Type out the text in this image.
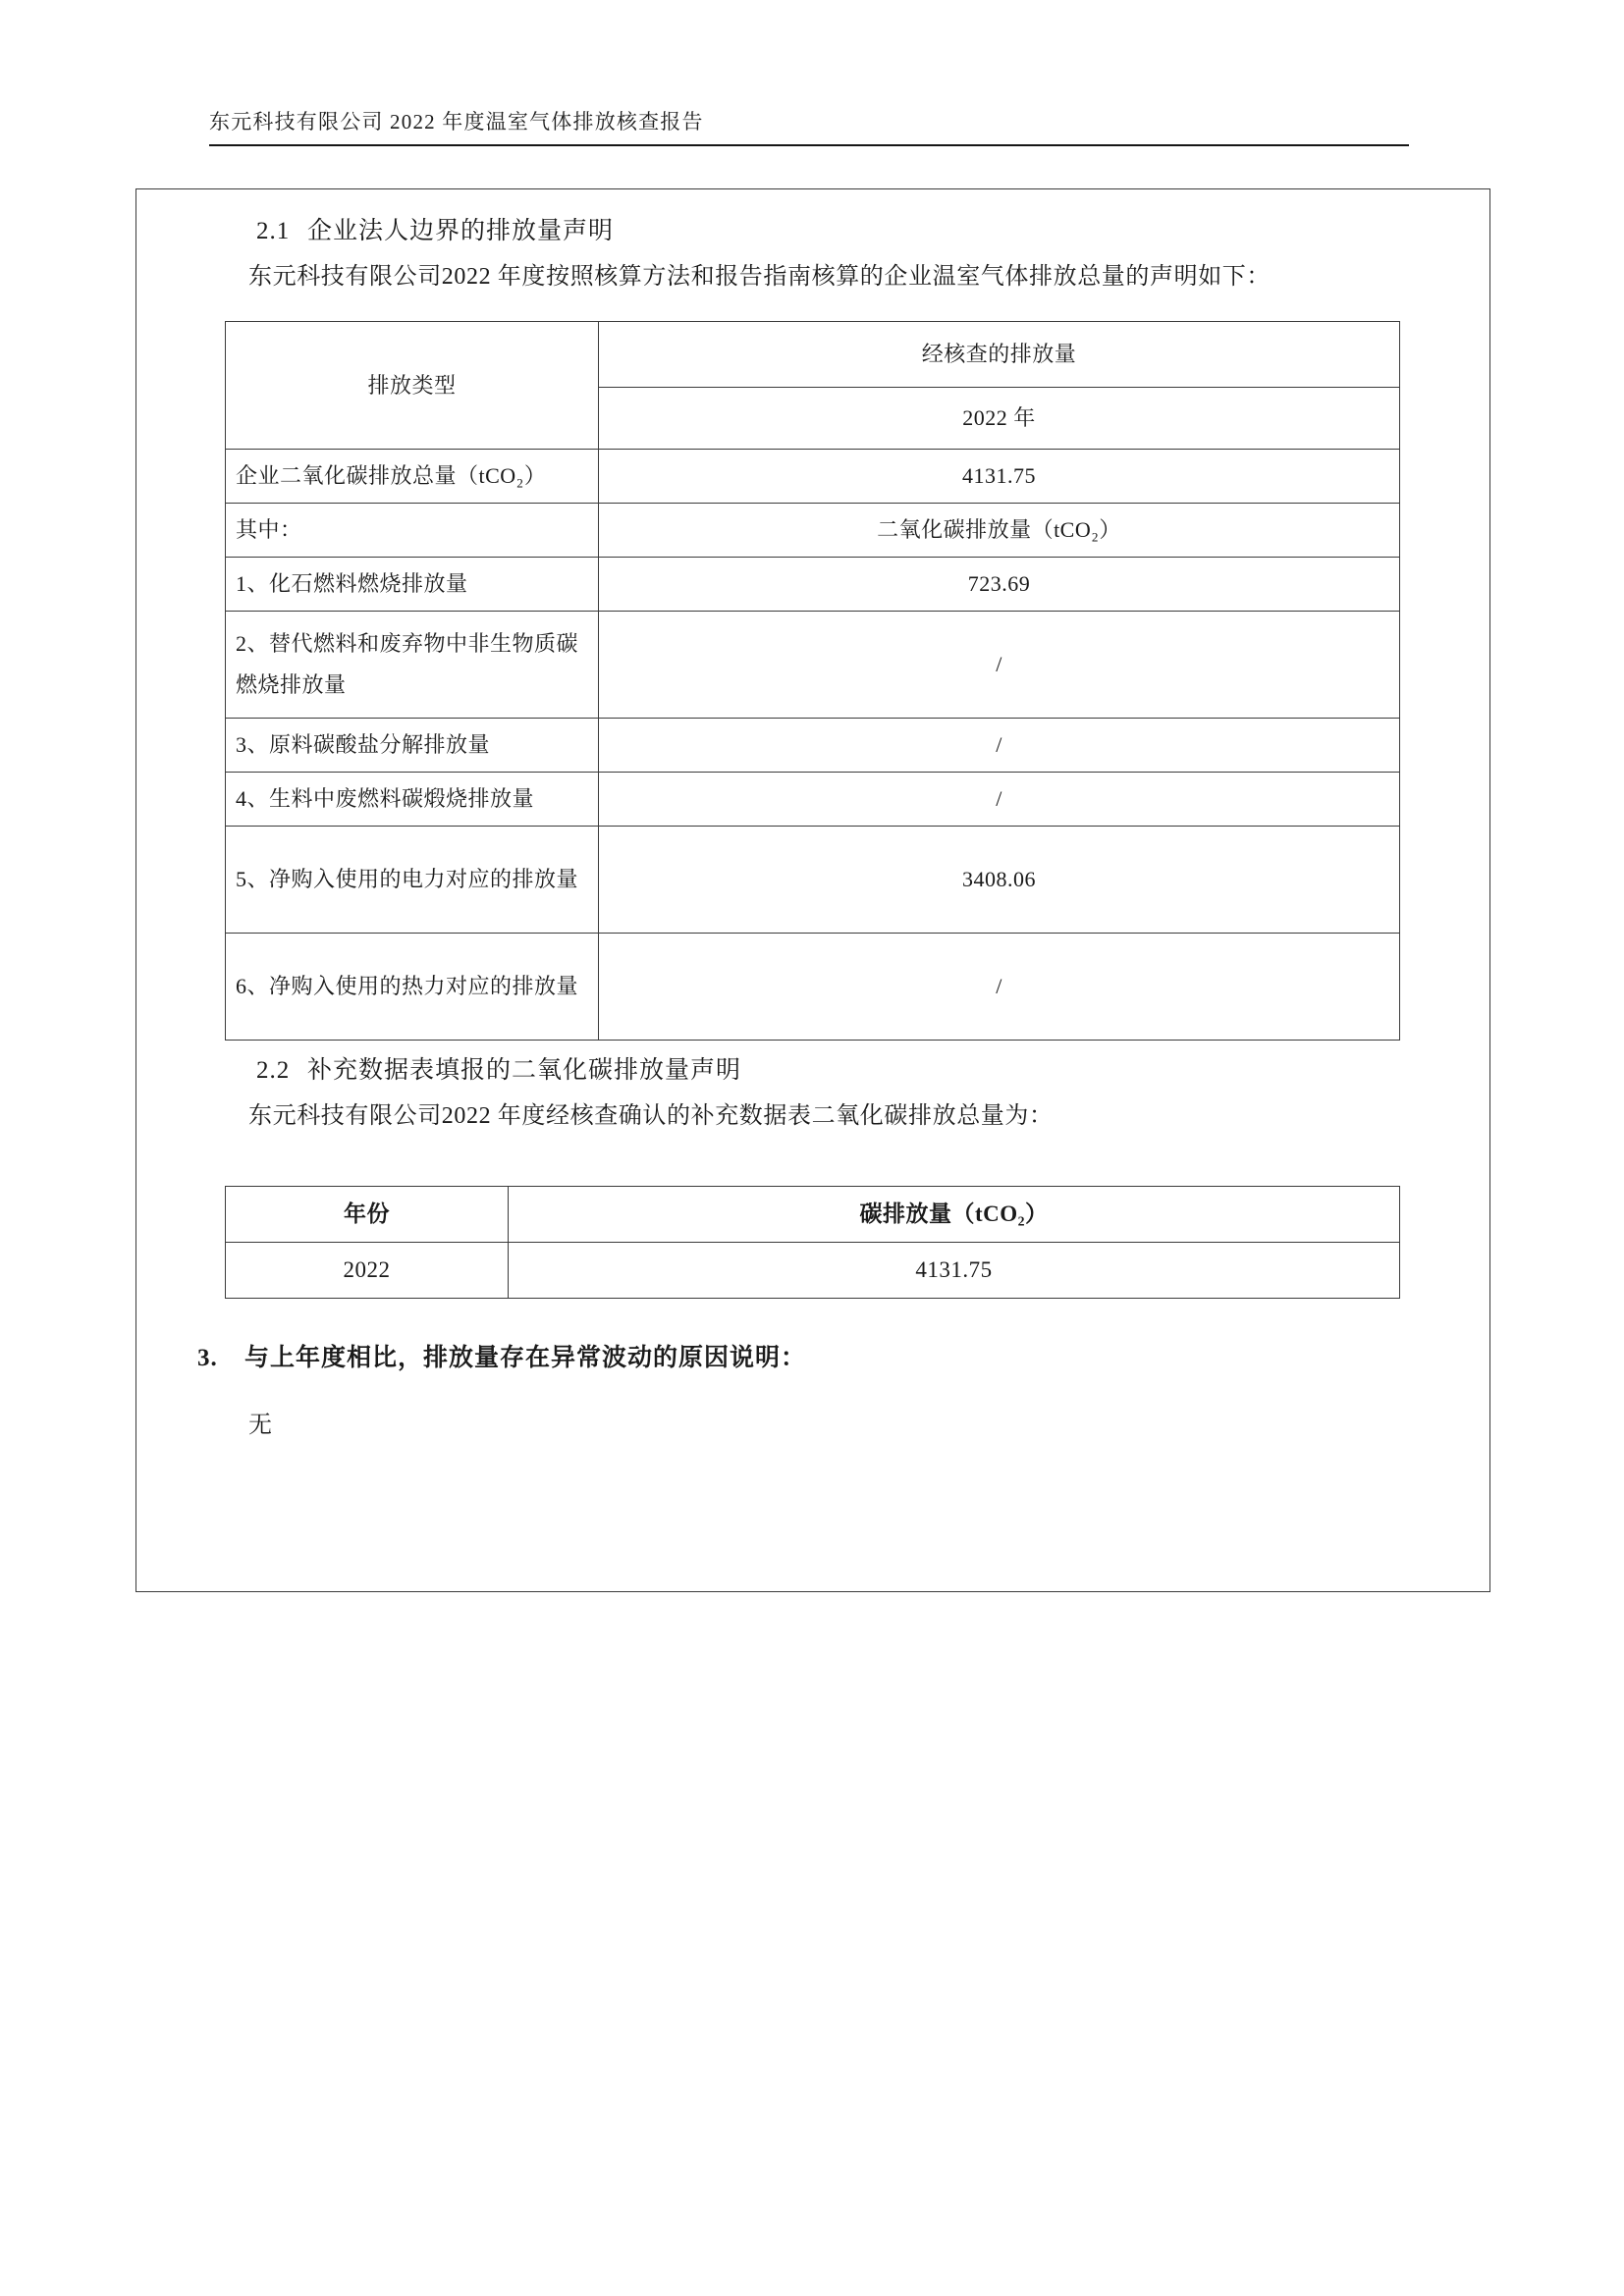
东元科技有限公司 2022 年度温室气体排放核查报告
2.1 企业法人边界的排放量声明

东元科技有限公司2022 年度按照核算方法和报告指南核算的企业温室气体排放总量的声明如下：

排放类型	经核查的排放量
	2022 年
企业二氧化碳排放总量（tCO₂）	4131.75
其中：	二氧化碳排放量（tCO₂）
1、化石燃料燃烧排放量	723.69
2、替代燃料和废弃物中非生物质碳燃烧排放量	/
3、原料碳酸盐分解排放量	/
4、生料中废燃料碳煅烧排放量	/
5、净购入使用的电力对应的排放量	3408.06
6、净购入使用的热力对应的排放量	/
2.2 补充数据表填报的二氧化碳排放量声明

东元科技有限公司2022 年度经核查确认的补充数据表二氧化碳排放总量为：

年份	碳排放量（tCO₂）
2022	4131.75
3. 与上年度相比，排放量存在异常波动的原因说明：
无
